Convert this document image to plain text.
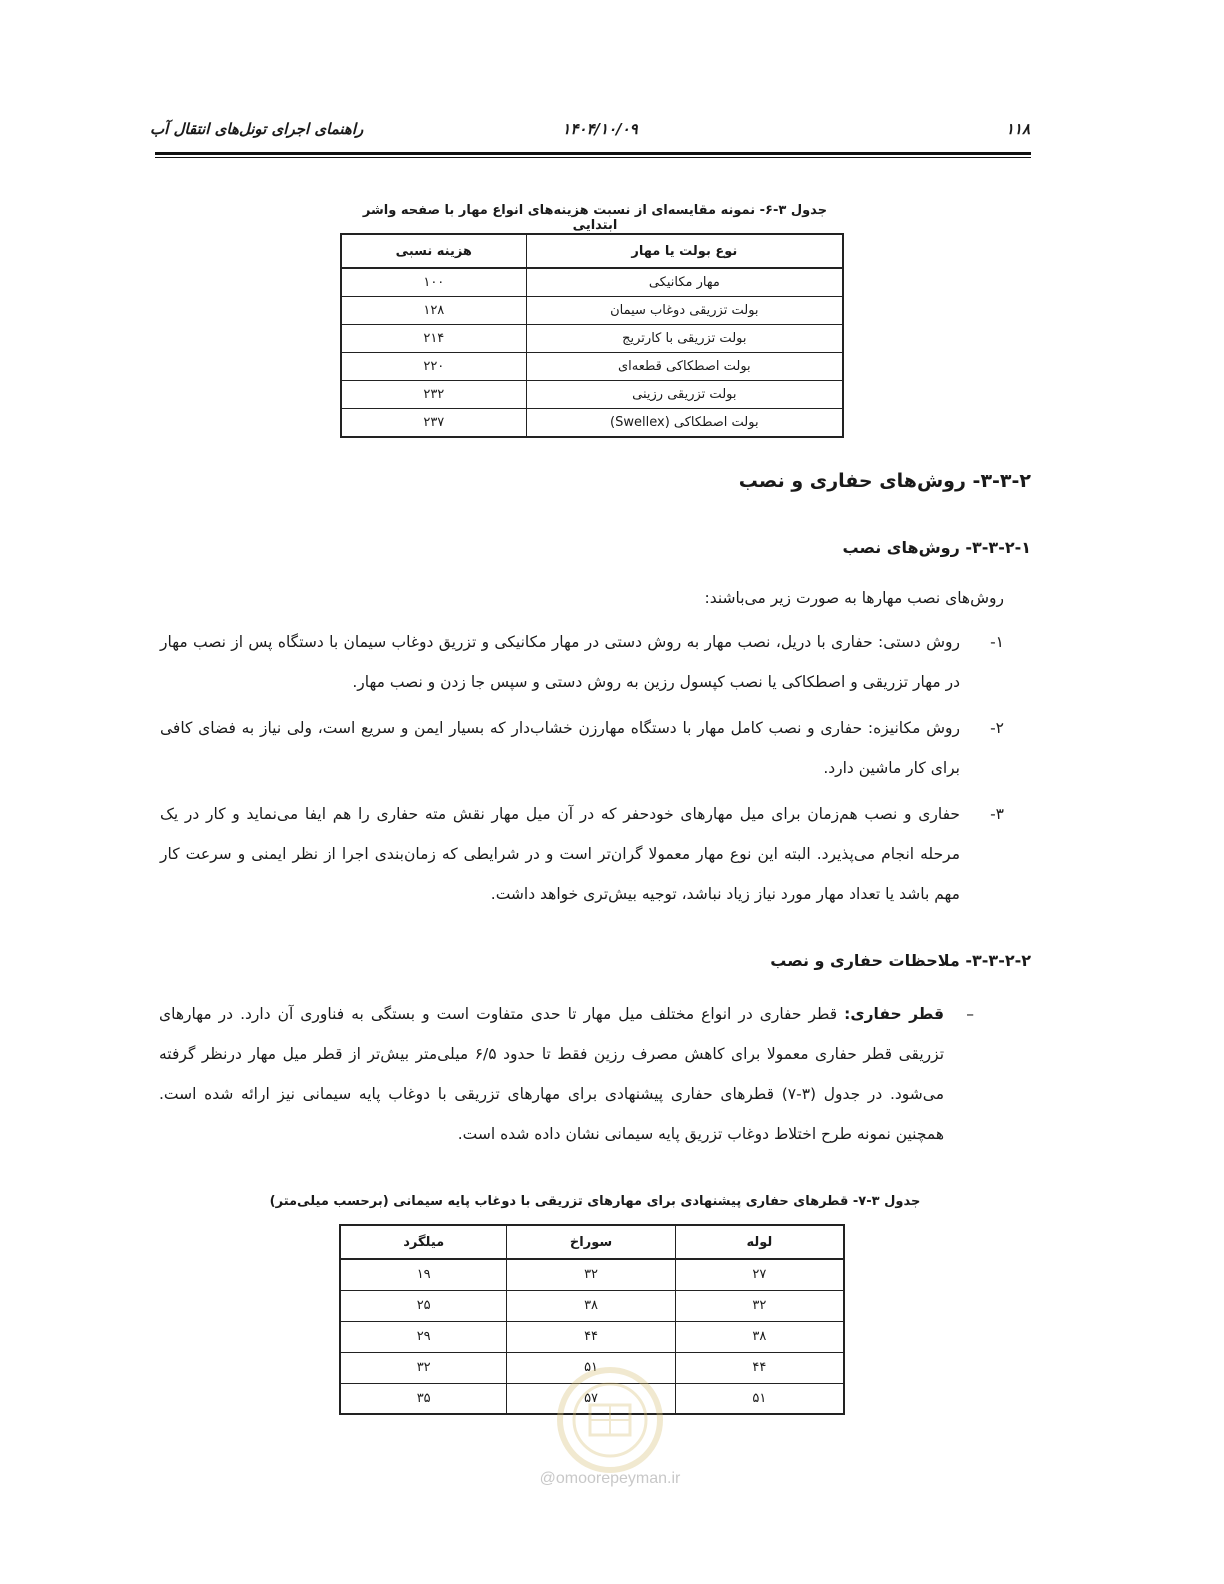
۱۱۸
۱۴۰۴/۱۰/۰۹
راهنمای اجرای تونل‌های انتقال آب
جدول ۳-۶- نمونه مقایسه‌ای از نسبت هزینه‌های انواع مهار با صفحه واشر ابتدایی
نوع بولت یا مهار	هزینه نسبی
مهار مکانیکی	۱۰۰
بولت تزریقی دوغاب سیمان	۱۲۸
بولت تزریقی با کارتریج	۲۱۴
بولت اصطکاکی قطعه‌ای	۲۲۰
بولت تزریقی رزینی	۲۳۲
بولت اصطکاکی (Swellex)	۲۳۷
۳-۳-۲- روش‌های حفاری و نصب
۳-۳-۲-۱- روش‌های نصب
روش‌های نصب مهارها به صورت زیر می‌باشند:
۱-
روش دستی: حفاری با دریل، نصب مهار به روش دستی در مهار مکانیکی و تزریق دوغاب سیمان با دستگاه پس از نصب مهار در مهار تزریقی و اصطکاکی یا نصب کپسول رزین به روش دستی و سپس جا زدن و نصب مهار.
۲-
روش مکانیزه: حفاری و نصب کامل مهار با دستگاه مهارزن خشاب‌دار که بسیار ایمن و سریع است، ولی نیاز به فضای کافی برای کار ماشین دارد.
۳-
حفاری و نصب هم‌زمان برای میل مهارهای خودحفر که در آن میل مهار نقش مته حفاری را هم ایفا می‌نماید و کار در یک مرحله انجام می‌پذیرد. البته این نوع مهار معمولا گران‌تر است و در شرایطی که زمان‌بندی اجرا از نظر ایمنی و سرعت کار مهم باشد یا تعداد مهار مورد نیاز زیاد نباشد، توجیه بیش‌تری خواهد داشت.
۳-۳-۲-۲- ملاحظات حفاری و نصب
–
قطر حفاری: قطر حفاری در انواع مختلف میل مهار تا حدی متفاوت است و بستگی به فناوری آن دارد. در مهارهای تزریقی قطر حفاری معمولا برای کاهش مصرف رزین فقط تا حدود ۶/۵ میلی‌متر بیش‌تر از قطر میل مهار درنظر گرفته می‌شود. در جدول (۳-۷) قطرهای حفاری پیشنهادی برای مهارهای تزریقی با دوغاب پایه سیمانی نیز ارائه شده است. همچنین نمونه طرح اختلاط دوغاب تزریق پایه سیمانی نشان داده شده است.
جدول ۳-۷- قطرهای حفاری پیشنهادی برای مهارهای تزریقی با دوغاب پایه سیمانی (برحسب میلی‌متر)
لوله	سوراخ	میلگرد
۲۷	۳۲	۱۹
۳۲	۳۸	۲۵
۳۸	۴۴	۲۹
۴۴	۵۱	۳۲
۵۱	۵۷	۳۵
@omoorepeyman.ir
